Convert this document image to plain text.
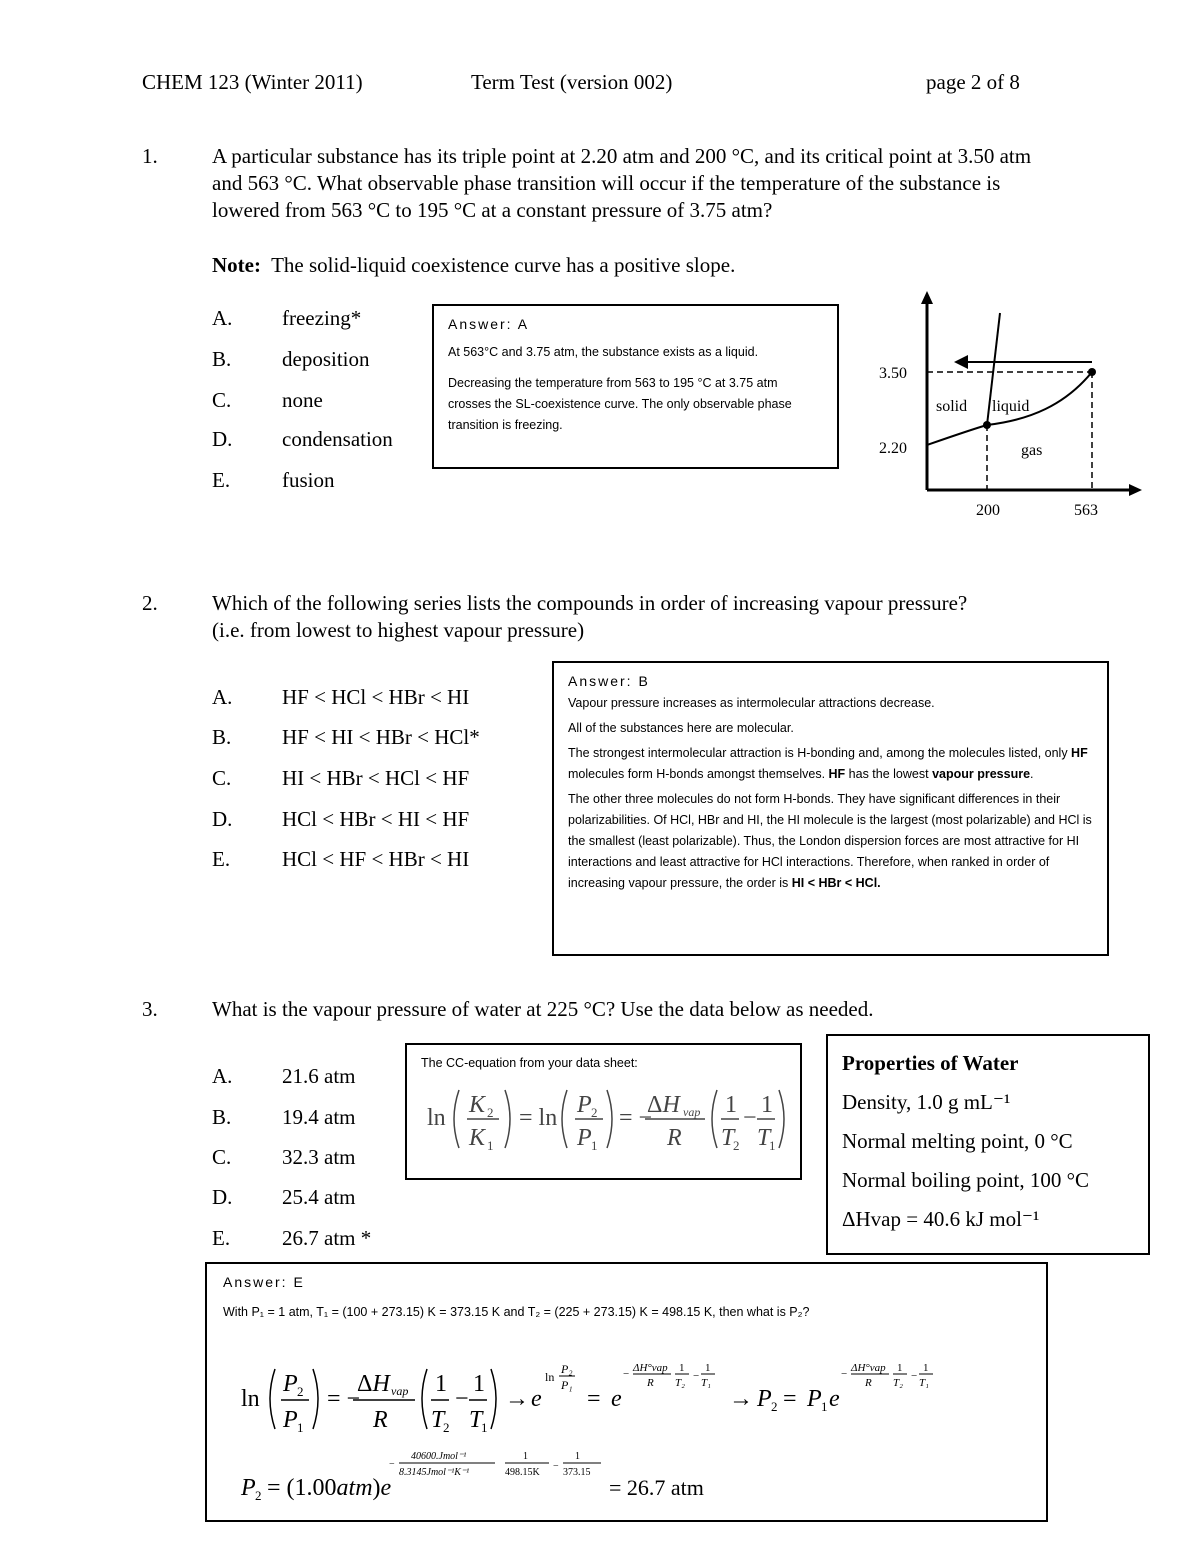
CHEM 123 (Winter 2011)	Term Test (version 002)	page 2 of 8
1.	A particular substance has its triple point at 2.20 atm and 200 °C, and its critical point at 3.50 atm and 563 °C. What observable phase transition will occur if the temperature of the substance is lowered from 563 °C to 195 °C at a constant pressure of 3.75 atm?
Note: The solid-liquid coexistence curve has a positive slope.
A. freezing*
B. deposition
C. none
D. condensation
E. fusion
Answer: A
At 563°C and 3.75 atm, the substance exists as a liquid.
Decreasing the temperature from 563 to 195 °C at 3.75 atm crosses the SL-coexistence curve. The only observable phase transition is freezing.
3.50
2.20
200	563
solid liquid
gas
2.	Which of the following series lists the compounds in order of increasing vapour pressure? (i.e. from lowest to highest vapour pressure)
A. HF < HCl < HBr < HI
B. HF < HI < HBr < HCl*
C. HI < HBr < HCl < HF
D. HCl < HBr < HI < HF
E. HCl < HF < HBr < HI
Answer: B
Vapour pressure increases as intermolecular attractions decrease.
All of the substances here are molecular.
The strongest intermolecular attraction is H-bonding and, among the molecules listed, only HF molecules form H-bonds amongst themselves. HF has the lowest vapour pressure.
The other three molecules do not form H-bonds. They have significant differences in their polarizabilities. Of HCl, HBr and HI, the HI molecule is the largest (most polarizable) and HCl is the smallest (least polarizable). Thus, the London dispersion forces are most attractive for HI interactions and least attractive for HCl interactions. Therefore, when ranked in order of increasing vapour pressure, the order is HI < HBr < HCl.
3.	What is the vapour pressure of water at 225 °C? Use the data below as needed.
A. 21.6 atm
B. 19.4 atm
C. 32.3 atm
D. 25.4 atm
E. 26.7 atm *
The CC-equation from your data sheet:
ln K 2
K 1
= ln P 2
P 1
= −
ΔH vap
R
1
T
2
− 1
T
1
Properties of Water
Density, 1.0 g mL⁻¹
Normal melting point, 0 °C
Normal boiling point, 100 °C
ΔHvap = 40.6 kJ mol⁻¹
Answer: E
With P₁ = 1 atm, T₁ = (100 + 273.15) K = 373.15 K and T₂ = (225 + 273.15) K = 498.15 K, then what is P₂?
ln
P 2
P 1
= −
ΔH vap
R
1
T
2
−
1
T
1
→ e
ln
P₂
P₁
= e
− ΔH°vap
R
1
T₂
−
1
T₁
→ P 2 = P 1 e
− ΔH°vap
R
1
T₂
−
1
T₁
P 2 = (1.00atm)e
−
40600.Jmol⁻¹
8.3145Jmol⁻¹K⁻¹
1
498.15K
−
1
373.15
= 26.7 atm
